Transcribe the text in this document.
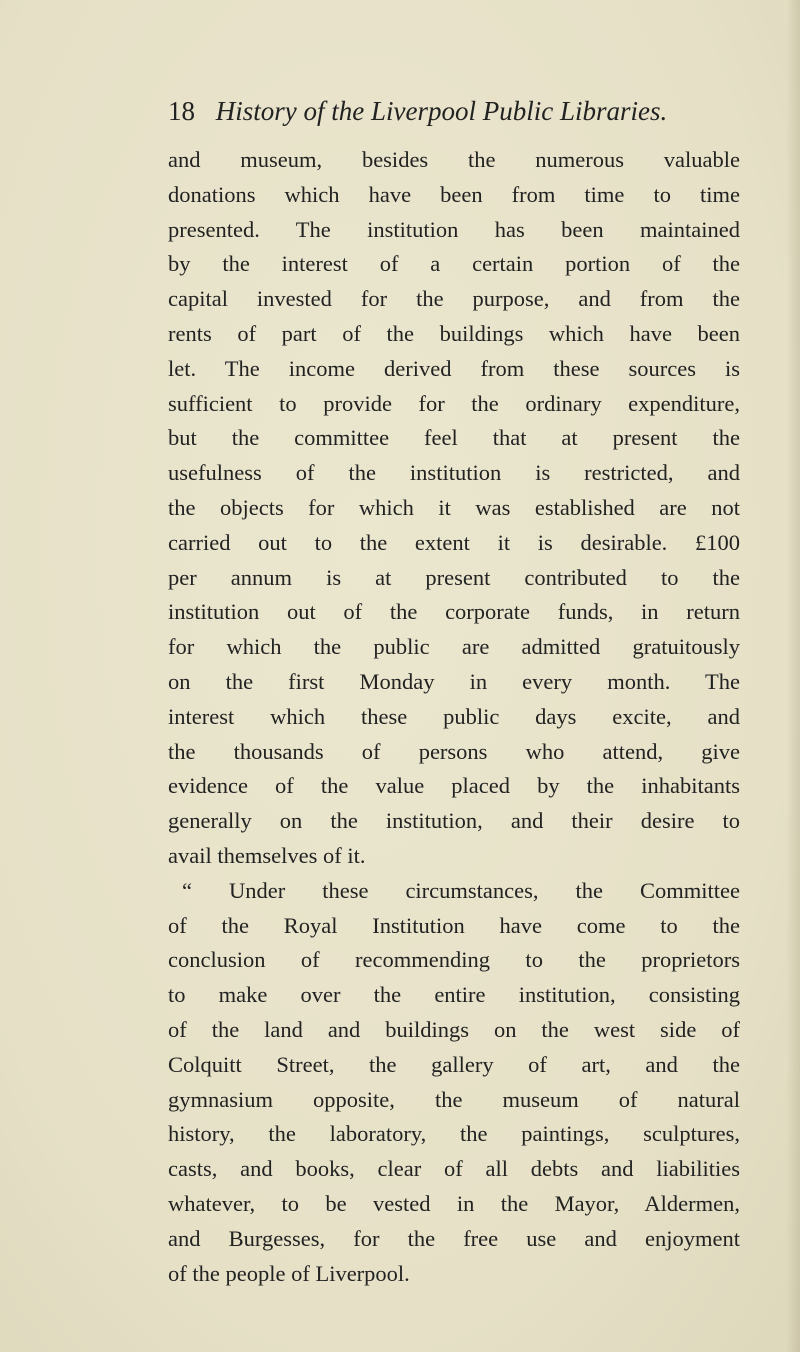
18 History of the Liverpool Public Libraries.
and museum, besides the numerous valuable
donations which have been from time to time
presented. The institution has been maintained
by the interest of a certain portion of the
capital invested for the purpose, and from the
rents of part of the buildings which have been
let. The income derived from these sources is
sufficient to provide for the ordinary expenditure,
but the committee feel that at present the
usefulness of the institution is restricted, and
the objects for which it was established are not
carried out to the extent it is desirable. £100
per annum is at present contributed to the
institution out of the corporate funds, in return
for which the public are admitted gratuitously
on the first Monday in every month. The
interest which these public days excite, and
the thousands of persons who attend, give
evidence of the value placed by the inhabitants
generally on the institution, and their desire to
avail themselves of it.
“ Under these circumstances, the Committee
of the Royal Institution have come to the
conclusion of recommending to the proprietors
to make over the entire institution, consisting
of the land and buildings on the west side of
Colquitt Street, the gallery of art, and the
gymnasium opposite, the museum of natural
history, the laboratory, the paintings, sculptures,
casts, and books, clear of all debts and liabilities
whatever, to be vested in the Mayor, Aldermen,
and Burgesses, for the free use and enjoyment
of the people of Liverpool.
